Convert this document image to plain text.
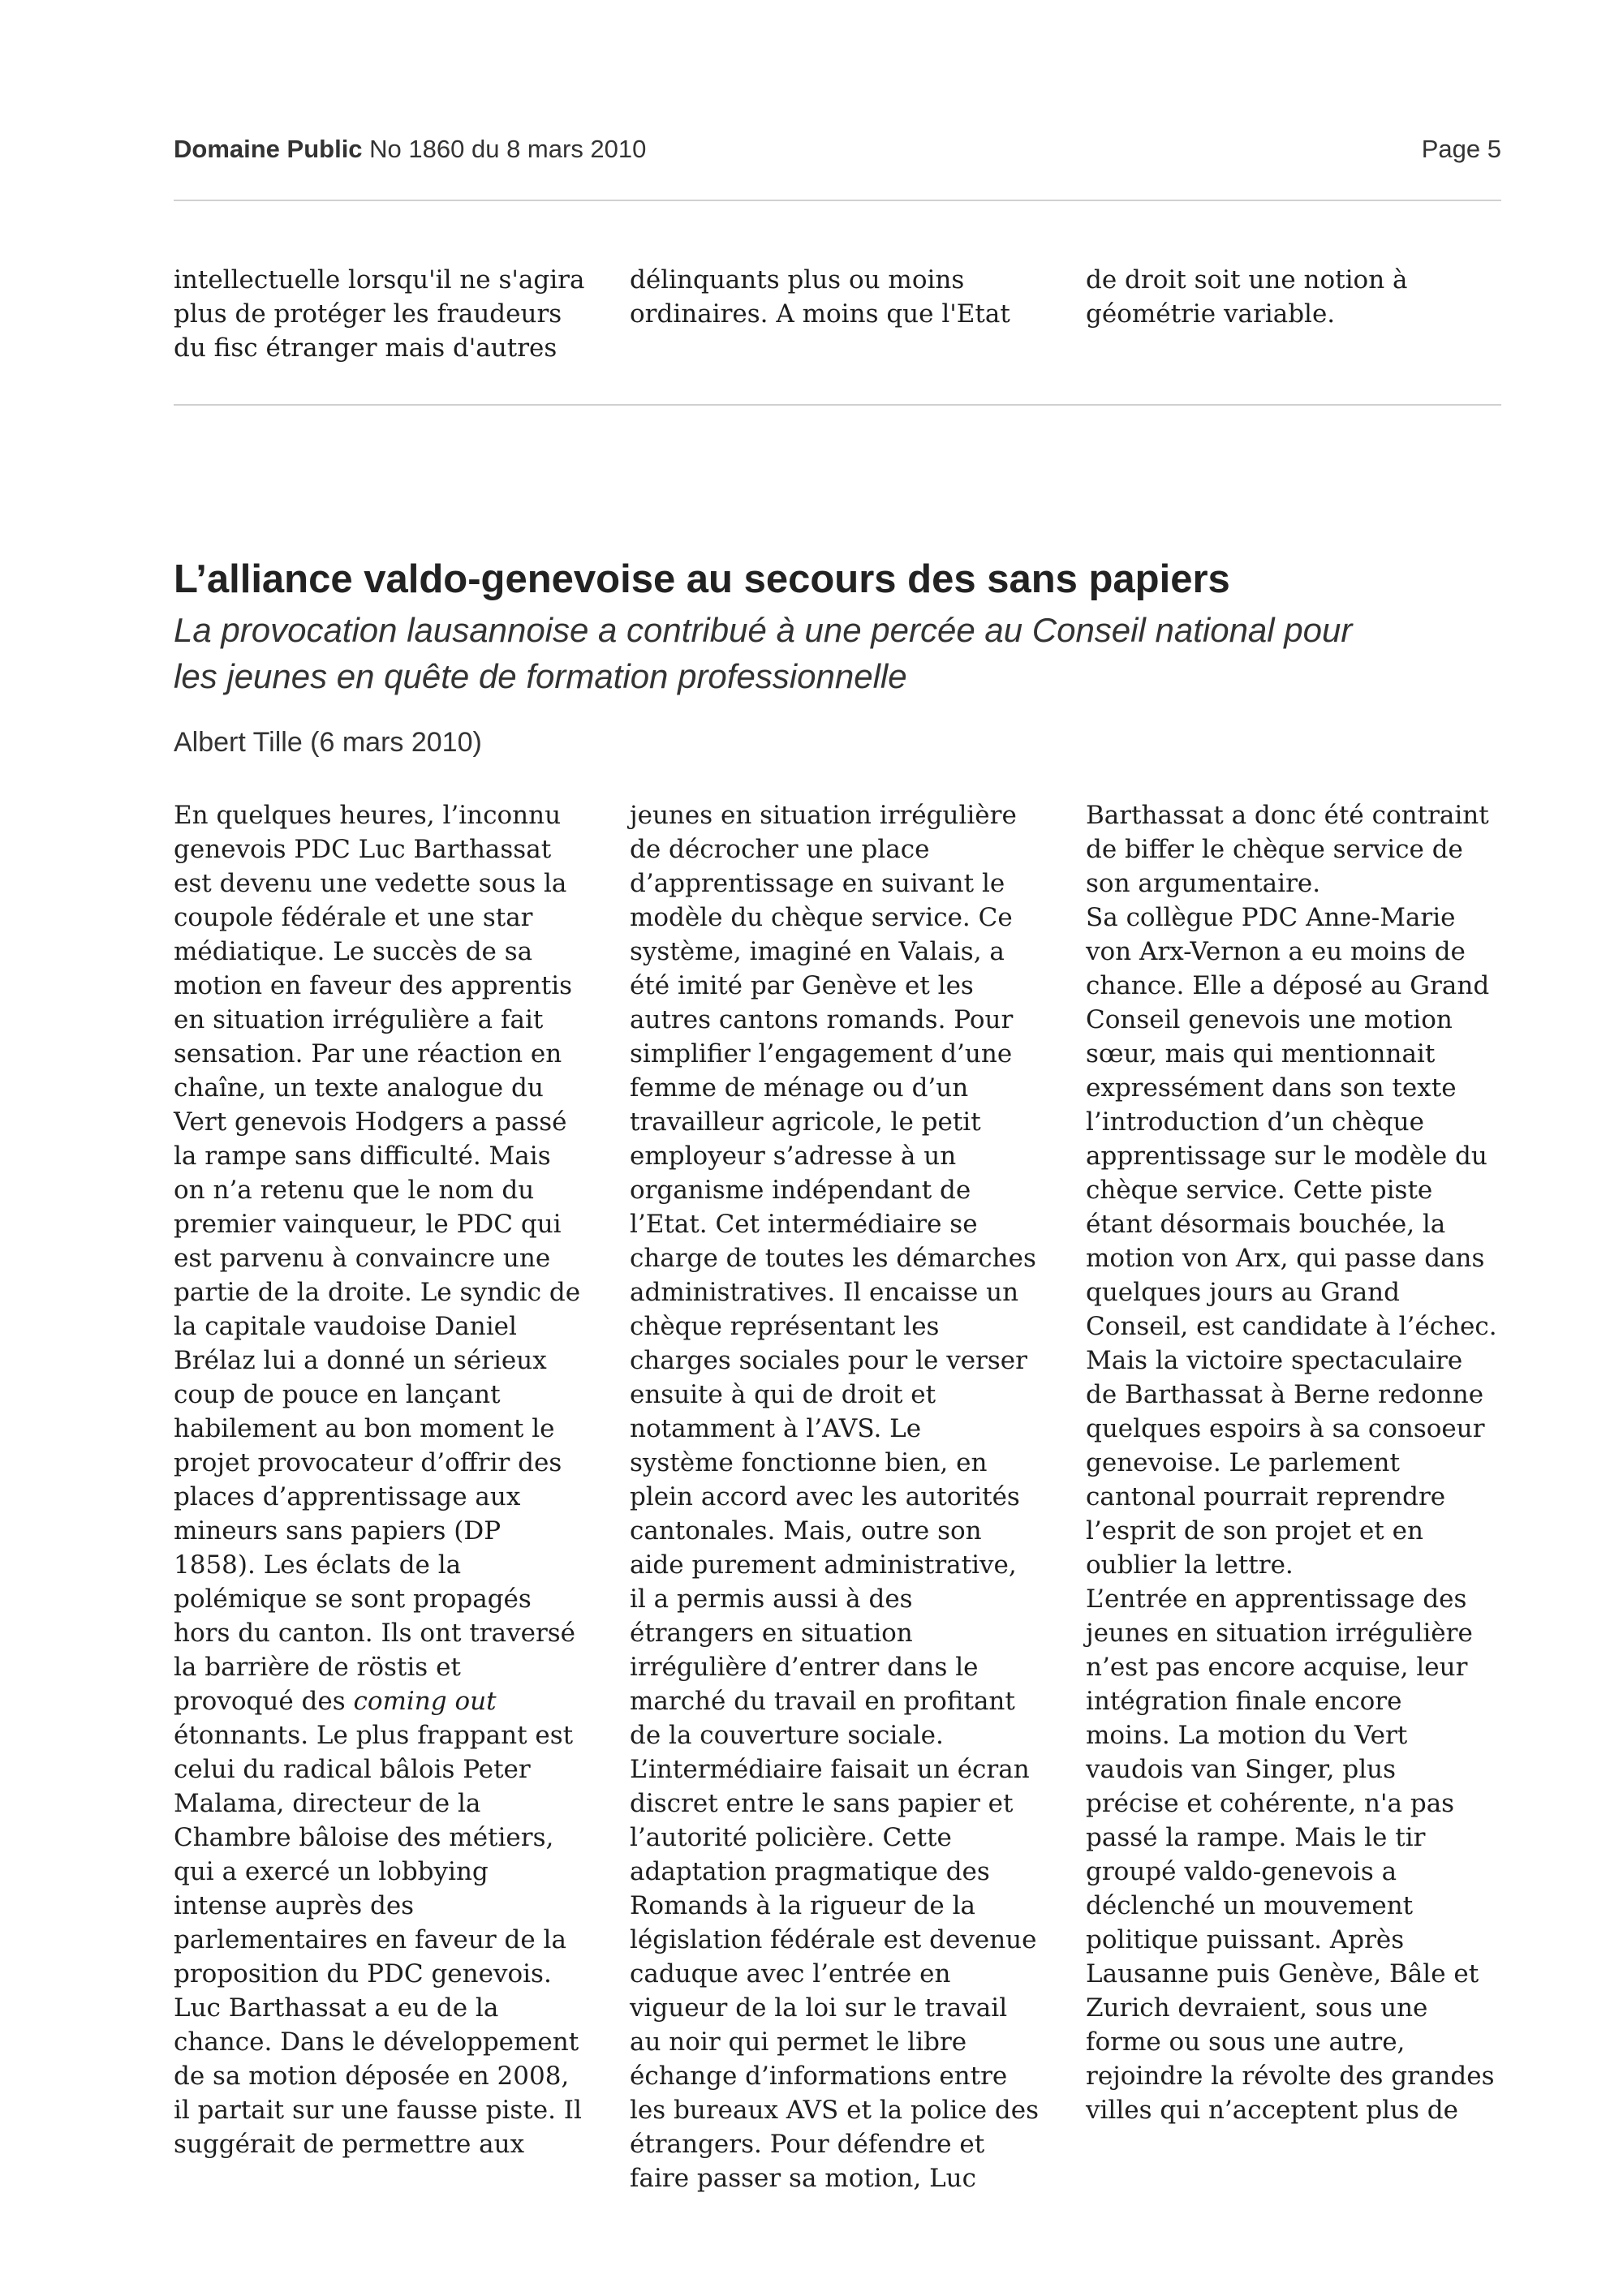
Domaine Public No 1860 du 8 mars 2010	Page 5
intellectuelle lorsqu'il ne s'agira
plus de protéger les fraudeurs
du fisc étranger mais d'autres
délinquants plus ou moins
ordinaires. A moins que l'Etat
de droit soit une notion à
géométrie variable.
L’alliance valdo-genevoise au secours des sans papiers
La provocation lausannoise a contribué à une percée au Conseil national pour
les jeunes en quête de formation professionnelle
Albert Tille (6 mars 2010)
En quelques heures, l’inconnu
genevois PDC Luc Barthassat
est devenu une vedette sous la
coupole fédérale et une star
médiatique. Le succès de sa
motion en faveur des apprentis
en situation irrégulière a fait
sensation. Par une réaction en
chaîne, un texte analogue du
Vert genevois Hodgers a passé
la rampe sans difficulté. Mais
on n’a retenu que le nom du
premier vainqueur, le PDC qui
est parvenu à convaincre une
partie de la droite. Le syndic de
la capitale vaudoise Daniel
Brélaz lui a donné un sérieux
coup de pouce en lançant
habilement au bon moment le
projet provocateur d’offrir des
places d’apprentissage aux
mineurs sans papiers (DP
1858). Les éclats de la
polémique se sont propagés
hors du canton. Ils ont traversé
la barrière de röstis et
provoqué des coming out
étonnants. Le plus frappant est
celui du radical bâlois Peter
Malama, directeur de la
Chambre bâloise des métiers,
qui a exercé un lobbying
intense auprès des
parlementaires en faveur de la
proposition du PDC genevois.
Luc Barthassat a eu de la
chance. Dans le développement
de sa motion déposée en 2008,
il partait sur une fausse piste. Il
suggérait de permettre aux
jeunes en situation irrégulière
de décrocher une place
d’apprentissage en suivant le
modèle du chèque service. Ce
système, imaginé en Valais, a
été imité par Genève et les
autres cantons romands. Pour
simplifier l’engagement d’une
femme de ménage ou d’un
travailleur agricole, le petit
employeur s’adresse à un
organisme indépendant de
l’Etat. Cet intermédiaire se
charge de toutes les démarches
administratives. Il encaisse un
chèque représentant les
charges sociales pour le verser
ensuite à qui de droit et
notamment à l’AVS. Le
système fonctionne bien, en
plein accord avec les autorités
cantonales. Mais, outre son
aide purement administrative,
il a permis aussi à des
étrangers en situation
irrégulière d’entrer dans le
marché du travail en profitant
de la couverture sociale.
L’intermédiaire faisait un écran
discret entre le sans papier et
l’autorité policière. Cette
adaptation pragmatique des
Romands à la rigueur de la
législation fédérale est devenue
caduque avec l’entrée en
vigueur de la loi sur le travail
au noir qui permet le libre
échange d’informations entre
les bureaux AVS et la police des
étrangers. Pour défendre et
faire passer sa motion, Luc
Barthassat a donc été contraint
de biffer le chèque service de
son argumentaire.
Sa collègue PDC Anne-Marie
von Arx-Vernon a eu moins de
chance. Elle a déposé au Grand
Conseil genevois une motion
sœur, mais qui mentionnait
expressément dans son texte
l’introduction d’un chèque
apprentissage sur le modèle du
chèque service. Cette piste
étant désormais bouchée, la
motion von Arx, qui passe dans
quelques jours au Grand
Conseil, est candidate à l’échec.
Mais la victoire spectaculaire
de Barthassat à Berne redonne
quelques espoirs à sa consoeur
genevoise. Le parlement
cantonal pourrait reprendre
l’esprit de son projet et en
oublier la lettre.
L’entrée en apprentissage des
jeunes en situation irrégulière
n’est pas encore acquise, leur
intégration finale encore
moins. La motion du Vert
vaudois van Singer, plus
précise et cohérente, n'a pas
passé la rampe. Mais le tir
groupé valdo-genevois a
déclenché un mouvement
politique puissant. Après
Lausanne puis Genève, Bâle et
Zurich devraient, sous une
forme ou sous une autre,
rejoindre la révolte des grandes
villes qui n’acceptent plus de
